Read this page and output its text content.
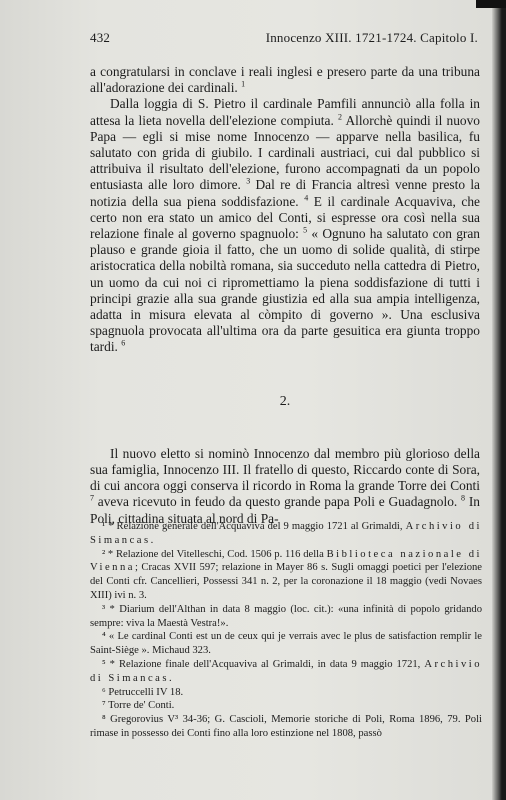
432	Innocenzo XIII. 1721-1724. Capitolo I.

a congratularsi in conclave i reali inglesi e presero parte da una tribuna all'adorazione dei cardinali. $^1$

Dalla loggia di S. Pietro il cardinale Pamfili annunciò alla folla in attesa la lieta novella dell'elezione compiuta. $^2$ Allorchè quindi il nuovo Papa — egli si mise nome Innocenzo — apparve nella basilica, fu salutato con grida di giubilo. I cardinali austriaci, cui dal pubblico si attribuiva il risultato dell'elezione, furono accompagnati da un popolo entusiasta alle loro dimore. $^3$ Dal re di Francia altresì venne presto la notizia della sua piena soddisfazione. $^4$ E il cardinale Acquaviva, che certo non era stato un amico del Conti, si espresse ora così nella sua relazione finale al governo spagnuolo: $^5$ « Ognuno ha salutato con gran plauso e grande gioia il fatto, che un uomo di solide qualità, di stirpe aristocratica della nobiltà romana, sia succeduto nella cattedra di Pietro, un uomo da cui noi ci ripromettiamo la piena soddisfazione di tutti i principi grazie alla sua grande giustizia ed alla sua ampia intelligenza, adatta in misura elevata al còmpito di governo ». Una esclusiva spagnuola provocata all'ultima ora da parte gesuitica era giunta troppo tardi. $^6$

2.

Il nuovo eletto si nominò Innocenzo dal membro più glorioso della sua famiglia, Innocenzo III. Il fratello di questo, Riccardo conte di Sora, di cui ancora oggi conserva il ricordo in Roma la grande Torre dei Conti $^7$ aveva ricevuto in feudo da questo grande papa Poli e Guadagnolo. $^8$ In Poli, cittadina situata al nord di Pa-

¹ * Relazione generale dell'Acquaviva del 9 maggio 1721 al Grimaldi, Archivio di Simancas.

² * Relazione del Vitelleschi, Cod. 1506 p. 116 della Biblioteca nazionale di Vienna; Cracas XVII 597; relazione in Mayer 86 s. Sugli omaggi poetici per l'elezione del Conti cfr. Cancellieri, Possessi 341 n. 2, per la coronazione il 18 maggio (vedi Novaes XIII) ivi n. 3.

³ * Diarium dell'Althan in data 8 maggio (loc. cit.): «una infinità di popolo gridando sempre: viva la Maestà Vestra!».

⁴ « Le cardinal Conti est un de ceux qui je verrais avec le plus de satisfaction remplir le Saint-Siège ». Michaud 323.

⁵ * Relazione finale dell'Acquaviva al Grimaldi, in data 9 maggio 1721, Archivio di Simancas.

⁶ Petruccelli IV 18.

⁷ Torre de' Conti.

⁸ Gregorovius V³ 34-36; G. Cascioli, Memorie storiche di Poli, Roma 1896, 79. Poli rimase in possesso dei Conti fino alla loro estinzione nel 1808, passò
